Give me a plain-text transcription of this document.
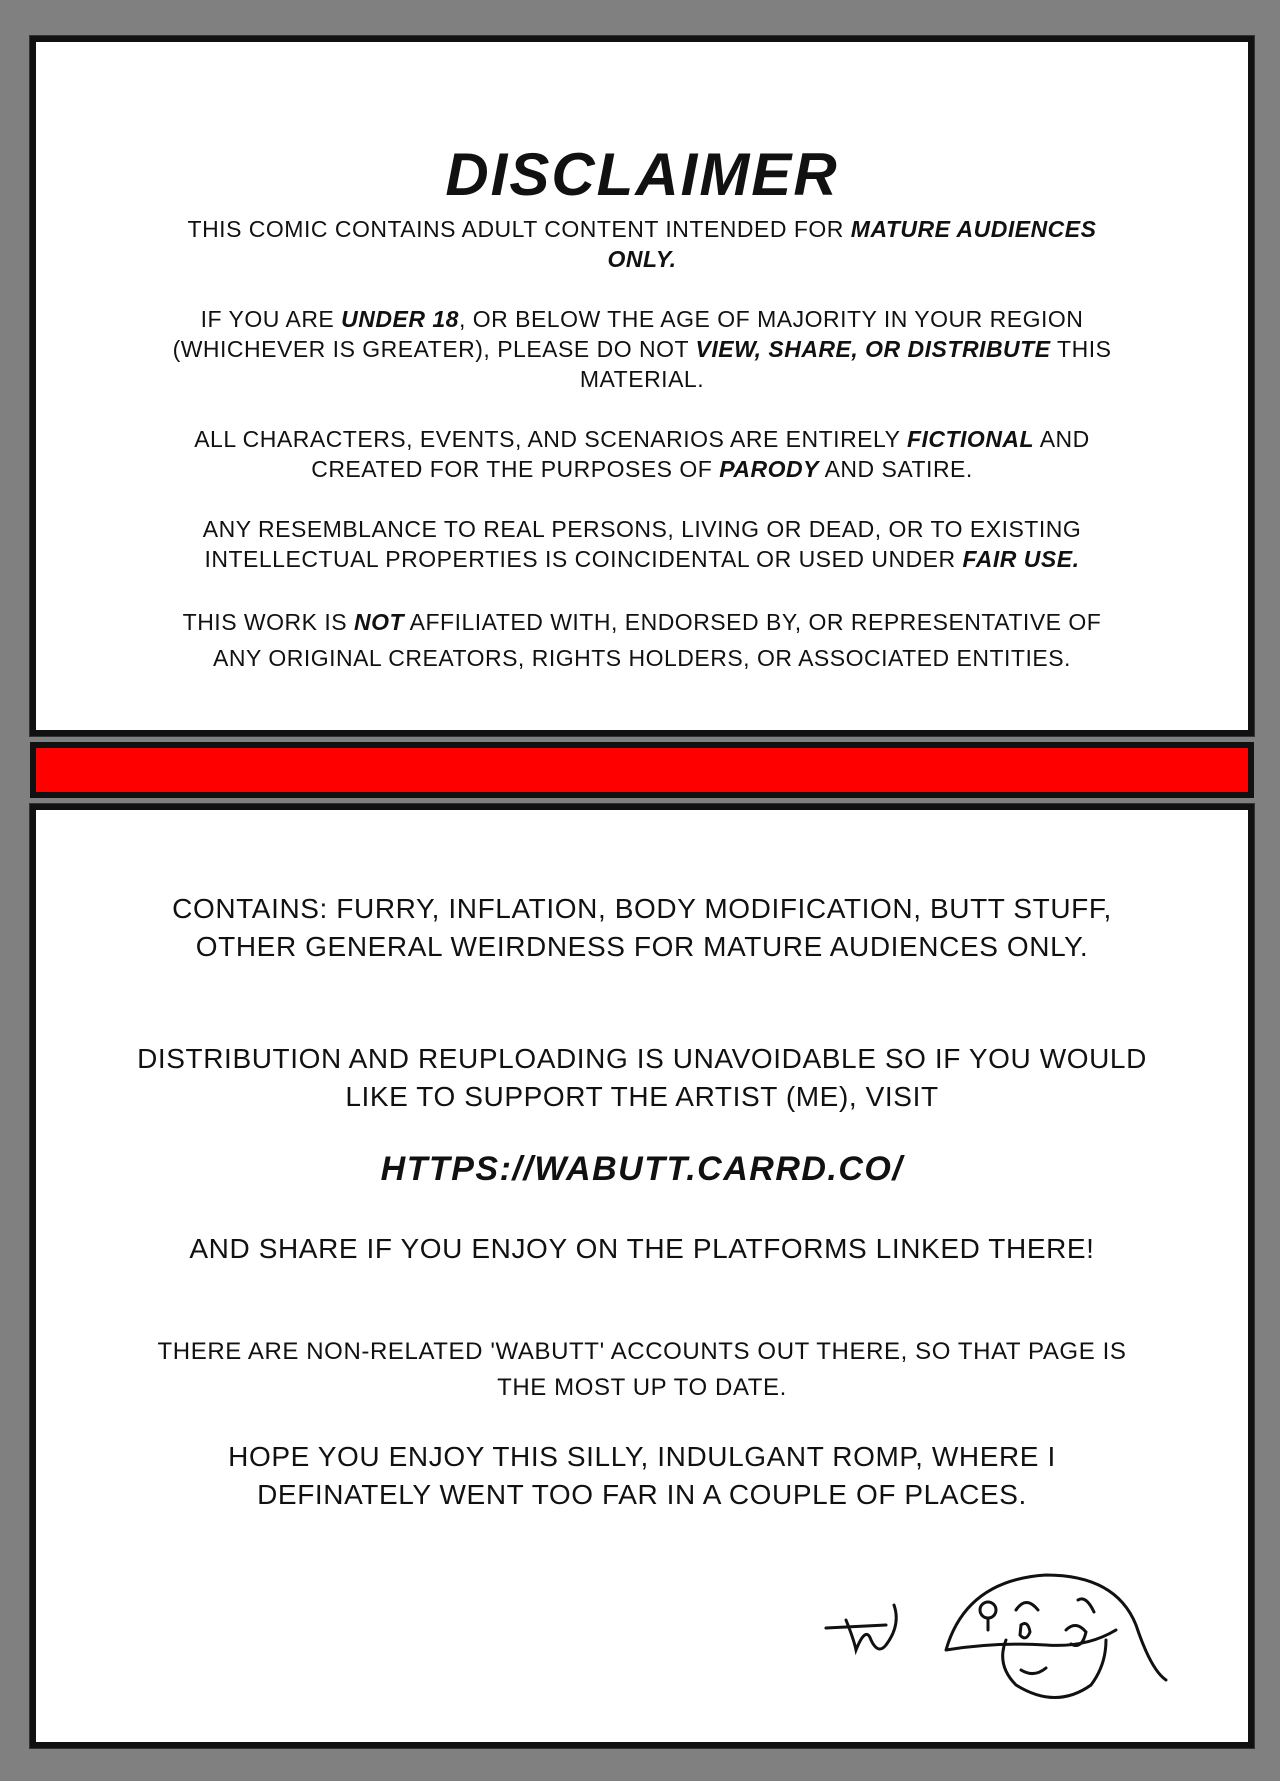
DISCLAIMER
THIS COMIC CONTAINS ADULT CONTENT INTENDED FOR MATURE AUDIENCES ONLY.
IF YOU ARE UNDER 18, OR BELOW THE AGE OF MAJORITY IN YOUR REGION (WHICHEVER IS GREATER), PLEASE DO NOT VIEW, SHARE, OR DISTRIBUTE THIS MATERIAL.
ALL CHARACTERS, EVENTS, AND SCENARIOS ARE ENTIRELY FICTIONAL AND CREATED FOR THE PURPOSES OF PARODY AND SATIRE.
ANY RESEMBLANCE TO REAL PERSONS, LIVING OR DEAD, OR TO EXISTING INTELLECTUAL PROPERTIES IS COINCIDENTAL OR USED UNDER FAIR USE.
THIS WORK IS NOT AFFILIATED WITH, ENDORSED BY, OR REPRESENTATIVE OF ANY ORIGINAL CREATORS, RIGHTS HOLDERS, OR ASSOCIATED ENTITIES.
CONTAINS: FURRY, INFLATION, BODY MODIFICATION, BUTT STUFF, OTHER GENERAL WEIRDNESS FOR MATURE AUDIENCES ONLY.
DISTRIBUTION AND REUPLOADING IS UNAVOIDABLE SO IF YOU WOULD LIKE TO SUPPORT THE ARTIST (ME), VISIT
HTTPS://WABUTT.CARRD.CO/
AND SHARE IF YOU ENJOY ON THE PLATFORMS LINKED THERE!
THERE ARE NON-RELATED 'WABUTT' ACCOUNTS OUT THERE, SO THAT PAGE IS THE MOST UP TO DATE.
HOPE YOU ENJOY THIS SILLY, INDULGANT ROMP, WHERE I DEFINATELY WENT TOO FAR IN A COUPLE OF PLACES.
